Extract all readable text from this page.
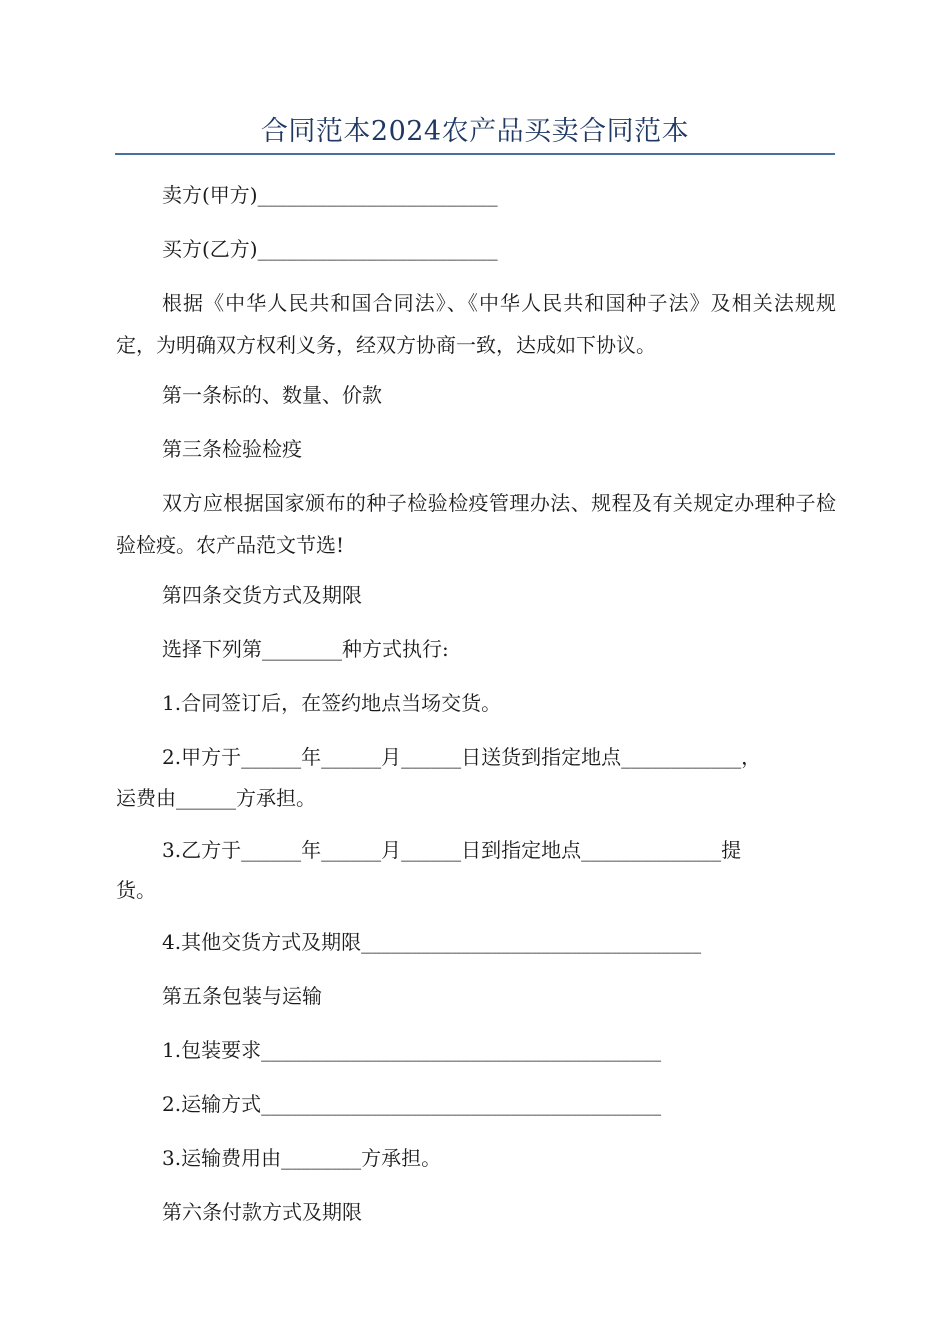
合同范本2024农产品买卖合同范本

卖方(甲方)________________________

买方(乙方)________________________

根据《中华人民共和国合同法》、《中华人民共和国种子法》及相关法规规定，为明确双方权利义务，经双方协商一致，达成如下协议。

第一条标的、数量、价款

第三条检验检疫

双方应根据国家颁布的种子检验检疫管理办法、规程及有关规定办理种子检验检疫。农产品范文节选!

第四条交货方式及期限

选择下列第________种方式执行:

1.合同签订后，在签约地点当场交货。

2.甲方于______年______月______日送货到指定地点____________，

运费由______方承担。

3.乙方于______年______月______日到指定地点______________提

货。

4.其他交货方式及期限__________________________________

第五条包装与运输

1.包装要求________________________________________

2.运输方式________________________________________

3.运输费用由________方承担。

第六条付款方式及期限
